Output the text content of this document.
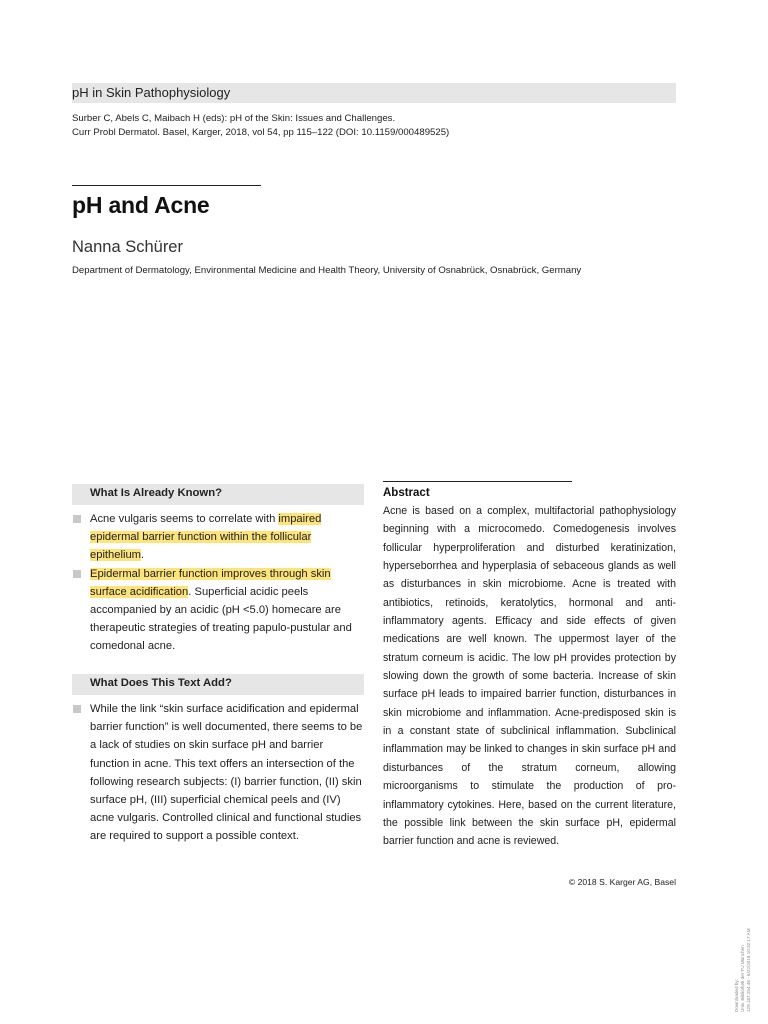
pH in Skin Pathophysiology
Surber C, Abels C, Maibach H (eds): pH of the Skin: Issues and Challenges.
Curr Probl Dermatol. Basel, Karger, 2018, vol 54, pp 115–122 (DOI: 10.1159/000489525)
pH and Acne
Nanna Schürer
Department of Dermatology, Environmental Medicine and Health Theory, University of Osnabrück, Osnabrück, Germany
What Is Already Known?
Acne vulgaris seems to correlate with impaired epidermal barrier function within the follicular epithelium.
Epidermal barrier function improves through skin surface acidification. Superficial acidic peels accompanied by an acidic (pH <5.0) homecare are therapeutic strategies of treating papulo-pustular and comedonal acne.
What Does This Text Add?
While the link “skin surface acidification and epidermal barrier function” is well documented, there seems to be a lack of studies on skin surface pH and barrier function in acne. This text offers an intersection of the following research subjects: (I) barrier function, (II) skin surface pH, (III) superficial chemical peels and (IV) acne vulgaris. Controlled clinical and functional studies are required to support a possible context.
Abstract

Acne is based on a complex, multifactorial pathophysiology beginning with a microcomedo. Comedogenesis involves follicular hyperproliferation and disturbed keratinization, hyperseborrhea and hyperplasia of sebaceous glands as well as disturbances in skin microbiome. Acne is treated with antibiotics, retinoids, keratolytics, hormonal and anti-inflammatory agents. Efficacy and side effects of given medications are well known. The uppermost layer of the stratum corneum is acidic. The low pH provides protection by slowing down the growth of some bacteria. Increase of skin surface pH leads to impaired barrier function, disturbances in skin microbiome and inflammation. Acne-predisposed skin is in a constant state of subclinical inflammation. Subclinical inflammation may be linked to changes in skin surface pH and disturbances of the stratum corneum, allowing microorganisms to stimulate the production of pro-inflammatory cytokines. Here, based on the current literature, the possible link between the skin surface pH, epidermal barrier function and acne is reviewed.

© 2018 S. Karger AG, Basel
Downloaded by: Univ. Bibliothek der TU München 129.187.254.46 - 6/22/2018 10:32:17 AM
